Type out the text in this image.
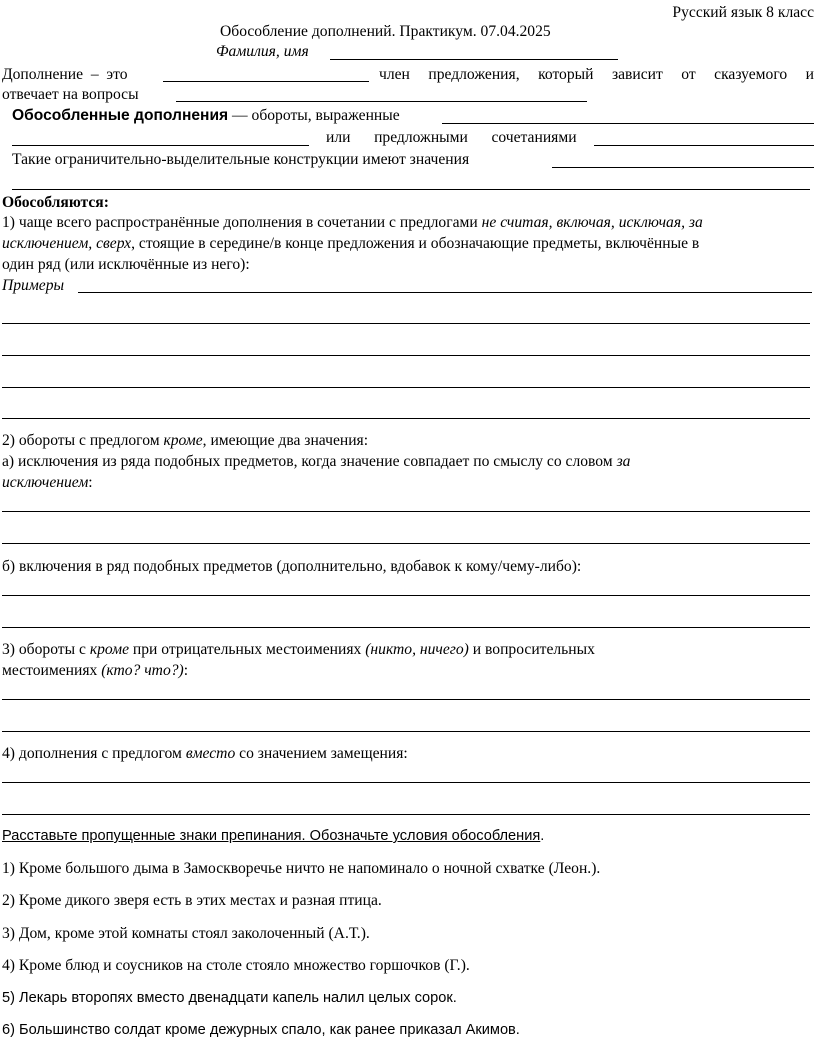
Русский язык 8 класс
Обособление дополнений. Практикум. 07.04.2025
Фамилия, имя
Дополнение – это	член предложения, который зависит от сказуемого и
отвечает на вопросы
Обособленные дополнения — обороты, выраженные
или предложными сочетаниями
Такие ограничительно-выделительные конструкции имеют значения
Обособляются:
1) чаще всего распространённые дополнения в сочетании с предлогами не считая, включая, исключая, за
исключением, сверх, стоящие в середине/в конце предложения и обозначающие предметы, включённые в
один ряд (или исключённые из него):
Примеры
2) обороты с предлогом кроме, имеющие два значения:
а) исключения из ряда подобных предметов, когда значение совпадает по смыслу со словом за
исключением:
б) включения в ряд подобных предметов (дополнительно, вдобавок к кому/чему-либо):
3) обороты с кроме при отрицательных местоимениях (никто, ничего) и вопросительных
местоимениях (кто? что?):
4) дополнения с предлогом вместо со значением замещения:
Расставьте пропущенные знаки препинания. Обозначьте условия обособления.
1) Кроме большого дыма в Замоскворечье ничто не напоминало о ночной схватке (Леон.).
2) Кроме дикого зверя есть в этих местах и разная птица.
3) Дом, кроме этой комнаты стоял заколоченный (А.Т.).
4) Кроме блюд и соусников на столе стояло множество горшочков (Г.).
5) Лекарь второпях вместо двенадцати капель налил целых сорок.
6) Большинство солдат кроме дежурных спало, как ранее приказал Акимов.
